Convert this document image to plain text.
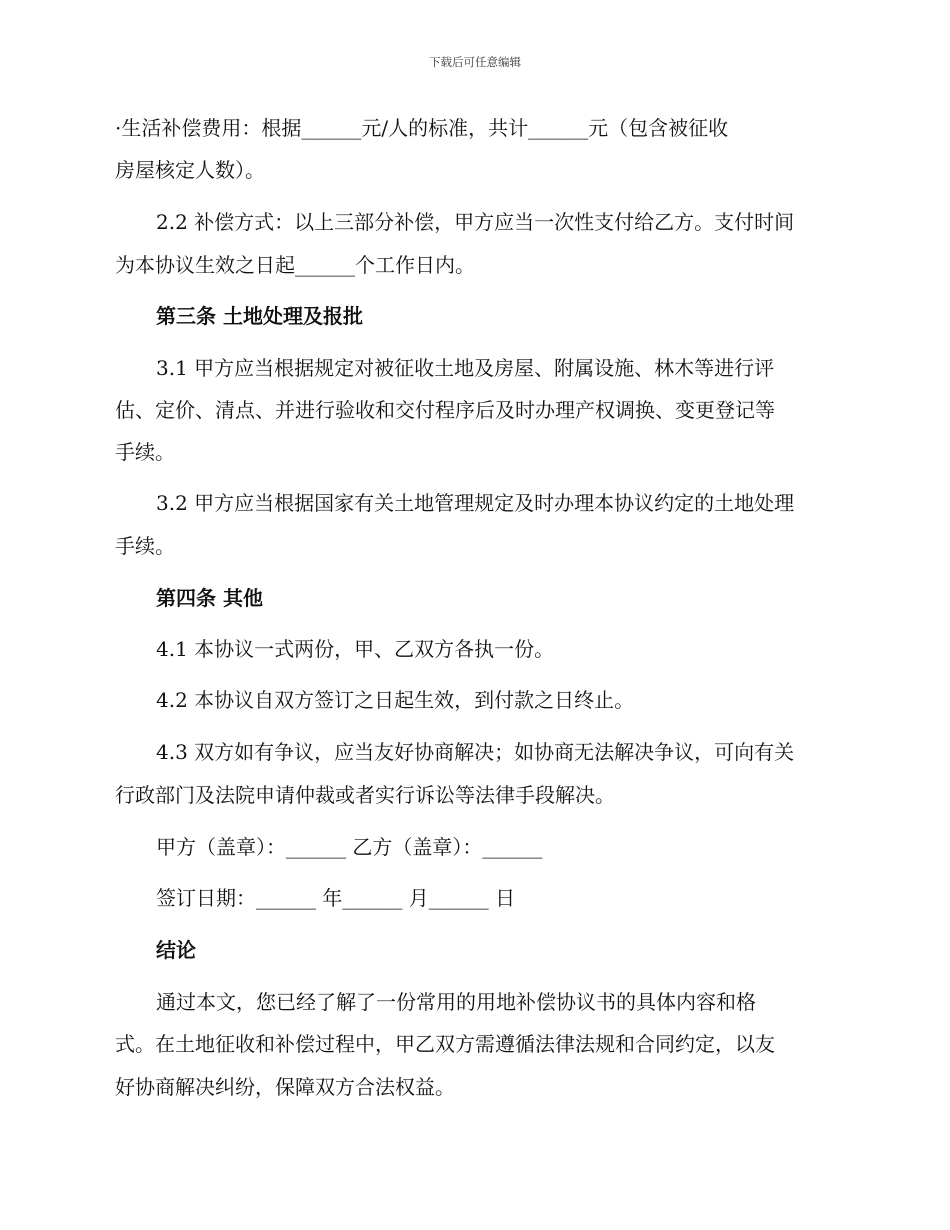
下载后可任意编辑

·生活补偿费用：根据______元/人的标准，共计______元（包含被征收

房屋核定人数）。

2.2 补偿方式：以上三部分补偿，甲方应当一次性支付给乙方。支付时间

为本协议生效之日起______个工作日内。

第三条 土地处理及报批

3.1 甲方应当根据规定对被征收土地及房屋、附属设施、林木等进行评

估、定价、清点、并进行验收和交付程序后及时办理产权调换、变更登记等

手续。

3.2 甲方应当根据国家有关土地管理规定及时办理本协议约定的土地处理

手续。

第四条 其他

4.1 本协议一式两份，甲、乙双方各执一份。

4.2 本协议自双方签订之日起生效，到付款之日终止。

4.3 双方如有争议，应当友好协商解决；如协商无法解决争议，可向有关

行政部门及法院申请仲裁或者实行诉讼等法律手段解决。

甲方（盖章）：______ 乙方（盖章）：______

签订日期：______ 年______ 月______ 日

结论

通过本文，您已经了解了一份常用的用地补偿协议书的具体内容和格

式。在土地征收和补偿过程中，甲乙双方需遵循法律法规和合同约定，以友

好协商解决纠纷，保障双方合法权益。
